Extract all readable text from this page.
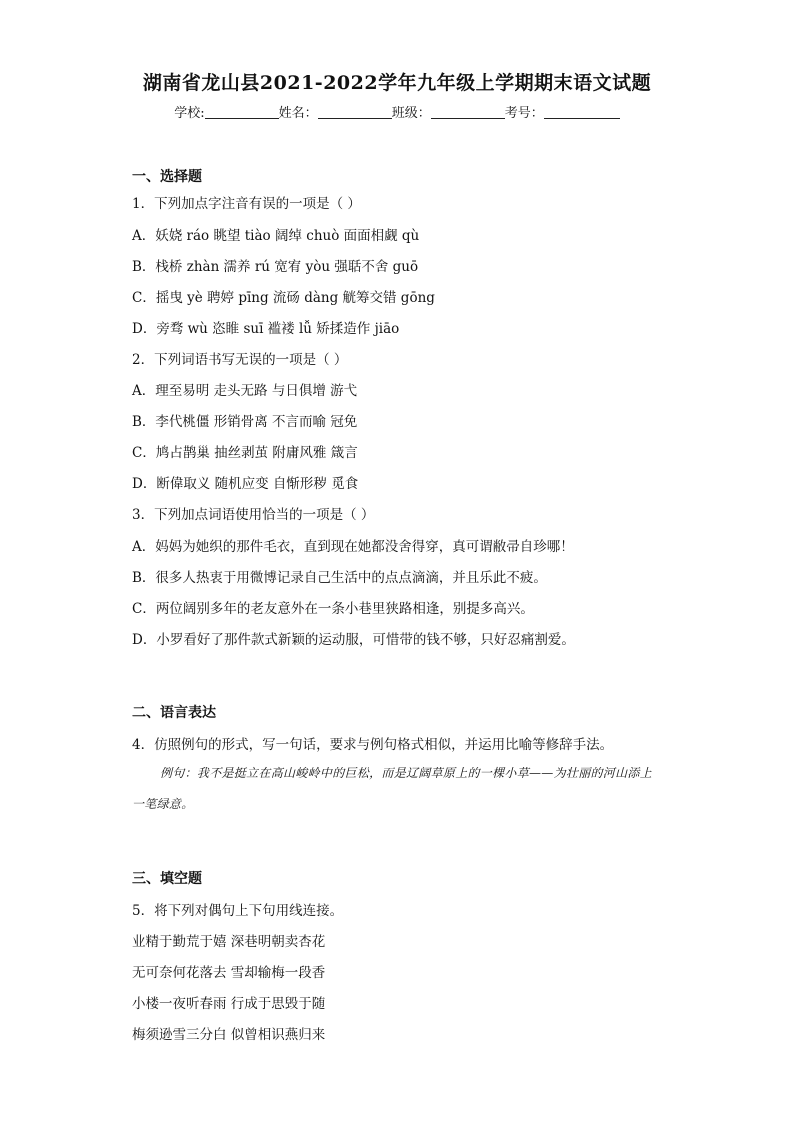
湖南省龙山县2021-2022学年九年级上学期期末语文试题
学校:	姓名：	班级：	考号：
一、选择题
1．下列加点字注音有误的一项是（ ）
A．妖娆 ráo 眺望 tiào 阔绰 chuò 面面相觑 qù
B．栈桥 zhàn 濡养 rú 宽宥 yòu 强聒不舍 guō
C．摇曳 yè 聘婷 pīng 流砀 dàng 觥筹交错 gōng
D．旁骛 wù 恣睢 suī 褴褛 lǚ 矫揉造作 jiāo
2．下列词语书写无误的一项是（ ）
A．理至易明 走头无路 与日俱增 游弋
B．李代桃僵 形销骨离 不言而喻 冠免
C．鸠占鹊巢 抽丝剥茧 附庸风雅 箴言
D．断偉取义 随机应变 自惭形秽 觅食
3．下列加点词语使用恰当的一项是（ ）
A．妈妈为她织的那件毛衣，直到现在她都没舍得穿，真可谓敝帚自珍哪！
B．很多人热衷于用微博记录自己生活中的点点滴滴，并且乐此不疲。
C．两位阔别多年的老友意外在一条小巷里狭路相逢，别提多高兴。
D．小罗看好了那件款式新颖的运动服，可惜带的钱不够，只好忍痛割爱。
二、语言表达
4．仿照例句的形式，写一句话，要求与例句格式相似，并运用比喻等修辞手法。
例句：我不是挺立在高山峻岭中的巨松，而是辽阔草原上的一棵小草——为壮丽的河山添上一笔绿意。
三、填空题
5．将下列对偶句上下句用线连接。
业精于勤荒于嬉 深巷明朝卖杏花
无可奈何花落去 雪却输梅一段香
小楼一夜听春雨 行成于思毁于随
梅须逊雪三分白 似曾相识燕归来
